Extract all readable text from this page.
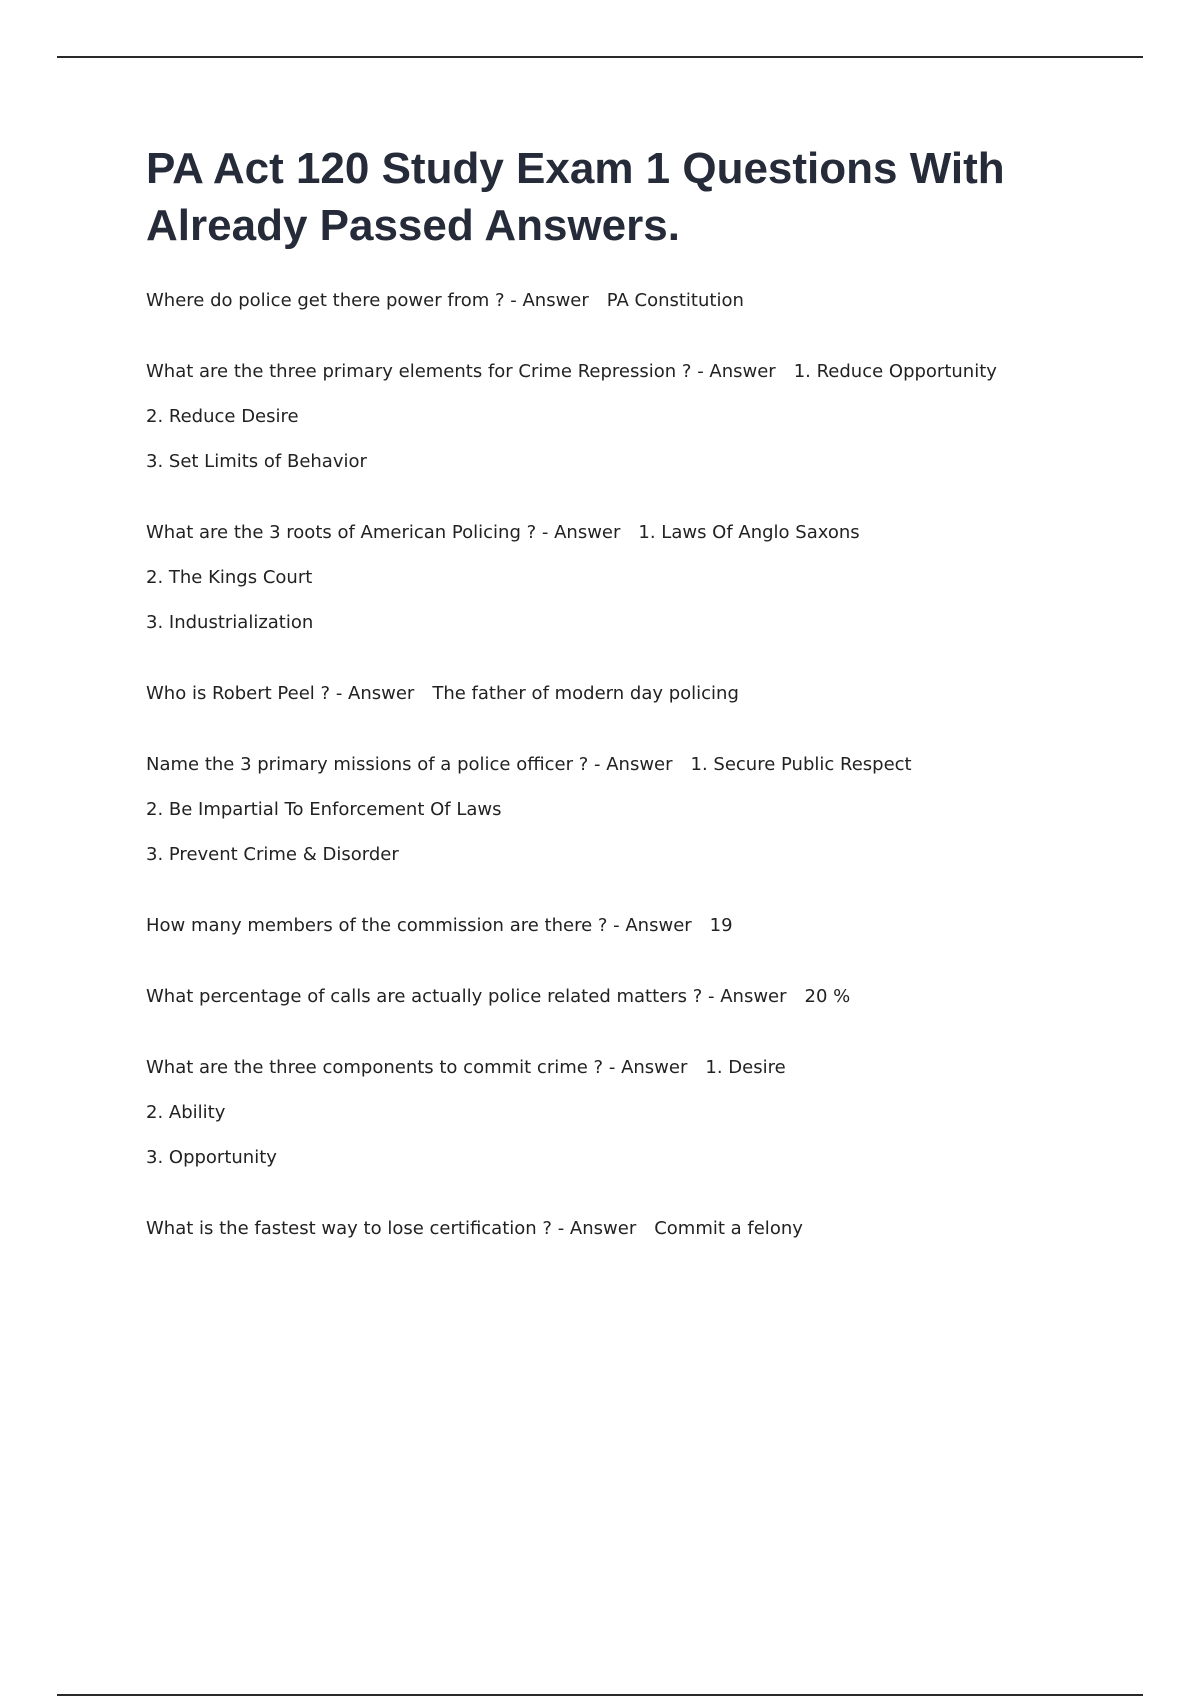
PA Act 120 Study Exam 1 Questions With Already Passed Answers.
Where do police get there power from ? - Answer PA Constitution
What are the three primary elements for Crime Repression ? - Answer 1. Reduce Opportunity
2. Reduce Desire
3. Set Limits of Behavior
What are the 3 roots of American Policing ? - Answer 1. Laws Of Anglo Saxons
2. The Kings Court
3. Industrialization
Who is Robert Peel ? - Answer The father of modern day policing
Name the 3 primary missions of a police officer ? - Answer 1. Secure Public Respect
2. Be Impartial To Enforcement Of Laws
3. Prevent Crime & Disorder
How many members of the commission are there ? - Answer 19
What percentage of calls are actually police related matters ? - Answer 20 %
What are the three components to commit crime ? - Answer 1. Desire
2. Ability
3. Opportunity
What is the fastest way to lose certification ? - Answer Commit a felony
